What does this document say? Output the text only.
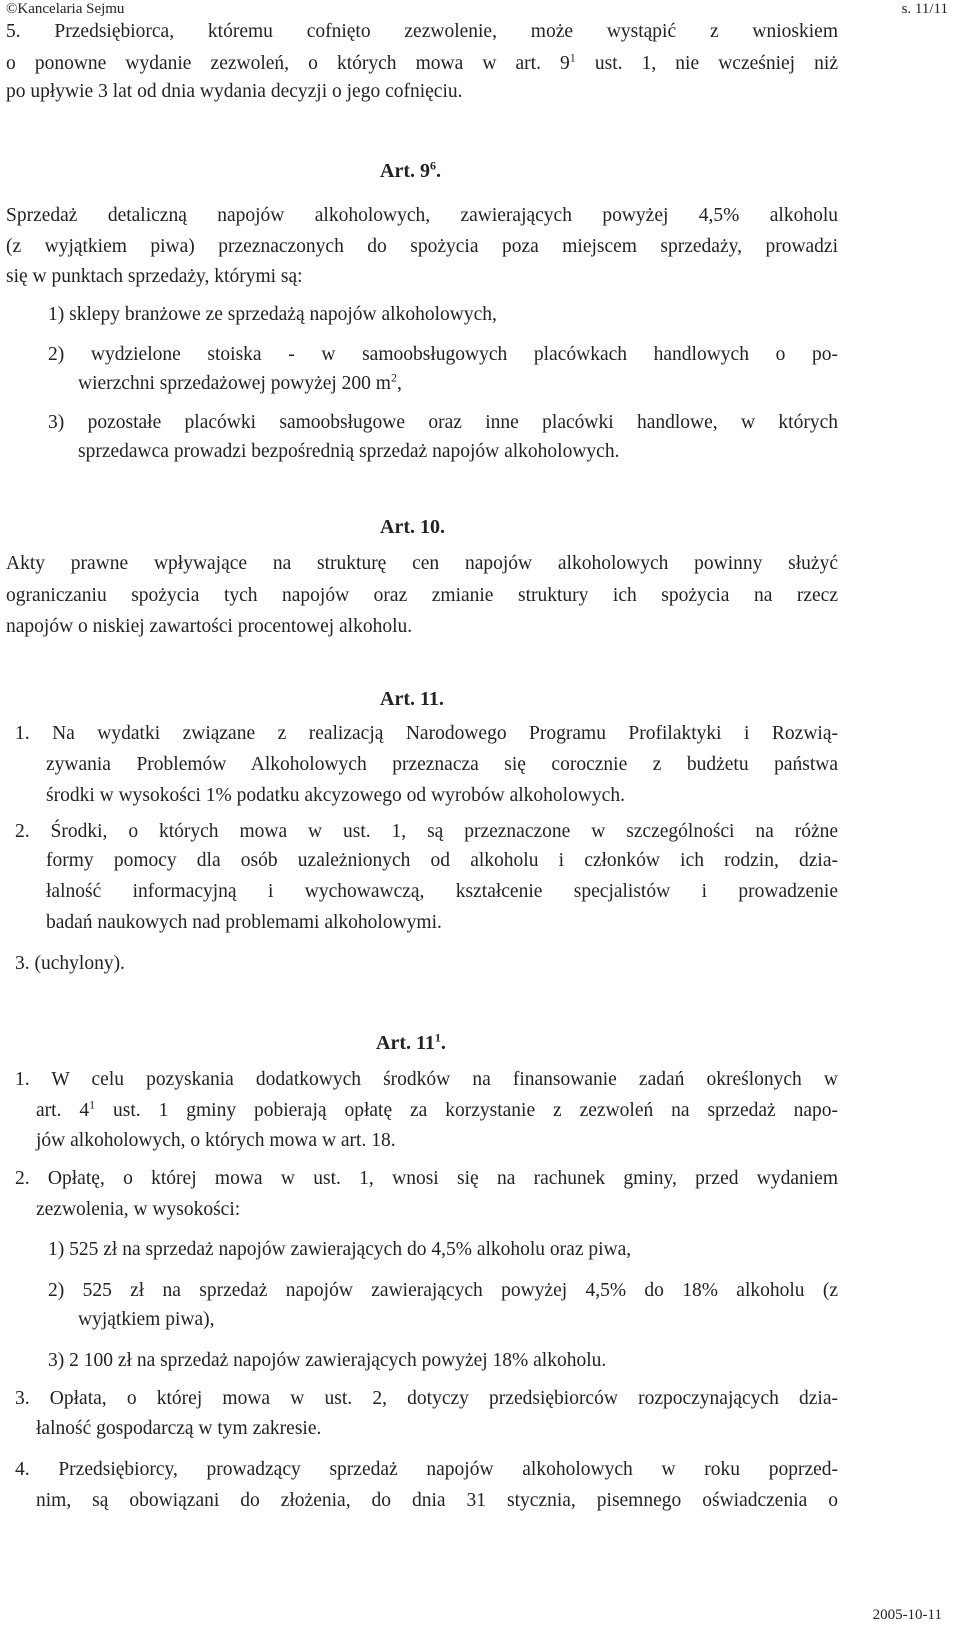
©Kancelaria Sejmu	s. 11/11
2005-10-11
5. Przedsiębiorca, któremu cofnięto zezwolenie, może wystąpić z wnioskiem
o ponowne wydanie zezwoleń, o których mowa w art. $9^1$ ust. 1, nie wcześniej niż
po upływie 3 lat od dnia wydania decyzji o jego cofnięciu.
Art. $9^6$.
Sprzedaż detaliczną napojów alkoholowych, zawierających powyżej 4,5% alkoholu
(z wyjątkiem piwa) przeznaczonych do spożycia poza miejscem sprzedaży, prowadzi
się w punktach sprzedaży, którymi są:
1) sklepy branżowe ze sprzedażą napojów alkoholowych,
2) wydzielone stoiska - w samoobsługowych placówkach handlowych o po-
wierzchni sprzedażowej powyżej 200 $m^2$,
3) pozostałe placówki samoobsługowe oraz inne placówki handlowe, w których
sprzedawca prowadzi bezpośrednią sprzedaż napojów alkoholowych.
Art. 10.
Akty prawne wpływające na strukturę cen napojów alkoholowych powinny służyć
ograniczaniu spożycia tych napojów oraz zmianie struktury ich spożycia na rzecz
napojów o niskiej zawartości procentowej alkoholu.
Art. 11.
1. Na wydatki związane z realizacją Narodowego Programu Profilaktyki i Rozwią-
zywania Problemów Alkoholowych przeznacza się corocznie z budżetu państwa
środki w wysokości 1% podatku akcyzowego od wyrobów alkoholowych.
2. Środki, o których mowa w ust. 1, są przeznaczone w szczególności na różne
formy pomocy dla osób uzależnionych od alkoholu i członków ich rodzin, dzia-
łalność informacyjną i wychowawczą, kształcenie specjalistów i prowadzenie
badań naukowych nad problemami alkoholowymi.
3. (uchylony).
Art. $11^1$.
1. W celu pozyskania dodatkowych środków na finansowanie zadań określonych w
art. $4^1$ ust. 1 gminy pobierają opłatę za korzystanie z zezwoleń na sprzedaż napo-
jów alkoholowych, o których mowa w art. 18.
2. Opłatę, o której mowa w ust. 1, wnosi się na rachunek gminy, przed wydaniem
zezwolenia, w wysokości:
1) 525 zł na sprzedaż napojów zawierających do 4,5% alkoholu oraz piwa,
2) 525 zł na sprzedaż napojów zawierających powyżej 4,5% do 18% alkoholu (z
wyjątkiem piwa),
3) 2 100 zł na sprzedaż napojów zawierających powyżej 18% alkoholu.
3. Opłata, o której mowa w ust. 2, dotyczy przedsiębiorców rozpoczynających dzia-
łalność gospodarczą w tym zakresie.
4. Przedsiębiorcy, prowadzący sprzedaż napojów alkoholowych w roku poprzed-
nim, są obowiązani do złożenia, do dnia 31 stycznia, pisemnego oświadczenia o
